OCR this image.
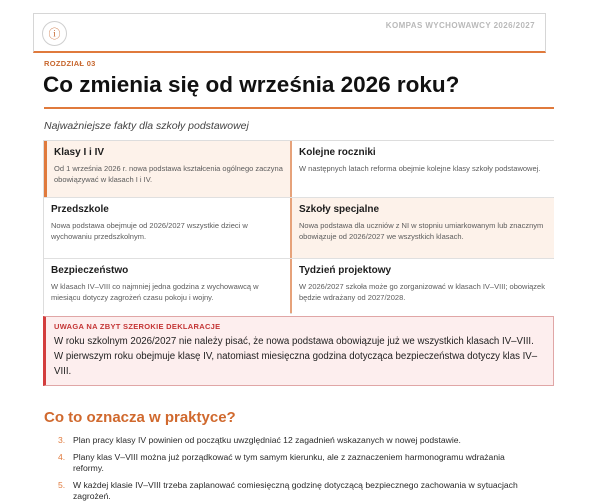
ⓘ
KOMPAS WYCHOWAWCY 2026/2027
ROZDZIAŁ 03
Co zmienia się od września 2026 roku?
Najważniejsze fakty dla szkoły podstawowej
Klasy I i IV
Od 1 września 2026 r. nowa podstawa kształcenia ogólnego zaczyna obowiązywać w klasach I i IV.
Kolejne roczniki
W następnych latach reforma obejmie kolejne klasy szkoły podstawowej.
Przedszkole
Nowa podstawa obejmuje od 2026/2027 wszystkie dzieci w wychowaniu przedszkolnym.
Szkoły specjalne
Nowa podstawa dla uczniów z NI w stopniu umiarkowanym lub znacznym obowiązuje od 2026/2027 we wszystkich klasach.
Bezpieczeństwo
W klasach IV–VIII co najmniej jedna godzina z wychowawcą w miesiącu dotyczy zagrożeń czasu pokoju i wojny.
Tydzień projektowy
W 2026/2027 szkoła może go zorganizować w klasach IV–VIII; obowiązek będzie wdrażany od 2027/2028.
UWAGA NA ZBYT SZEROKIE DEKLARACJE
W roku szkolnym 2026/2027 nie należy pisać, że nowa podstawa obowiązuje już we wszystkich klasach IV–VIII. W pierwszym roku obejmuje klasę IV, natomiast miesięczna godzina dotycząca bezpieczeństwa dotyczy klas IV–VIII.
Co to oznacza w praktyce?
3. Plan pracy klasy IV powinien od początku uwzględniać 12 zagadnień wskazanych w nowej podstawie.
4. Plany klas V–VIII można już porządkować w tym samym kierunku, ale z zaznaczeniem harmonogramu wdrażania reformy.
5. W każdej klasie IV–VIII trzeba zaplanować comiesięczną godzinę dotyczącą bezpiecznego zachowania w sytuacjach zagrożeń.
